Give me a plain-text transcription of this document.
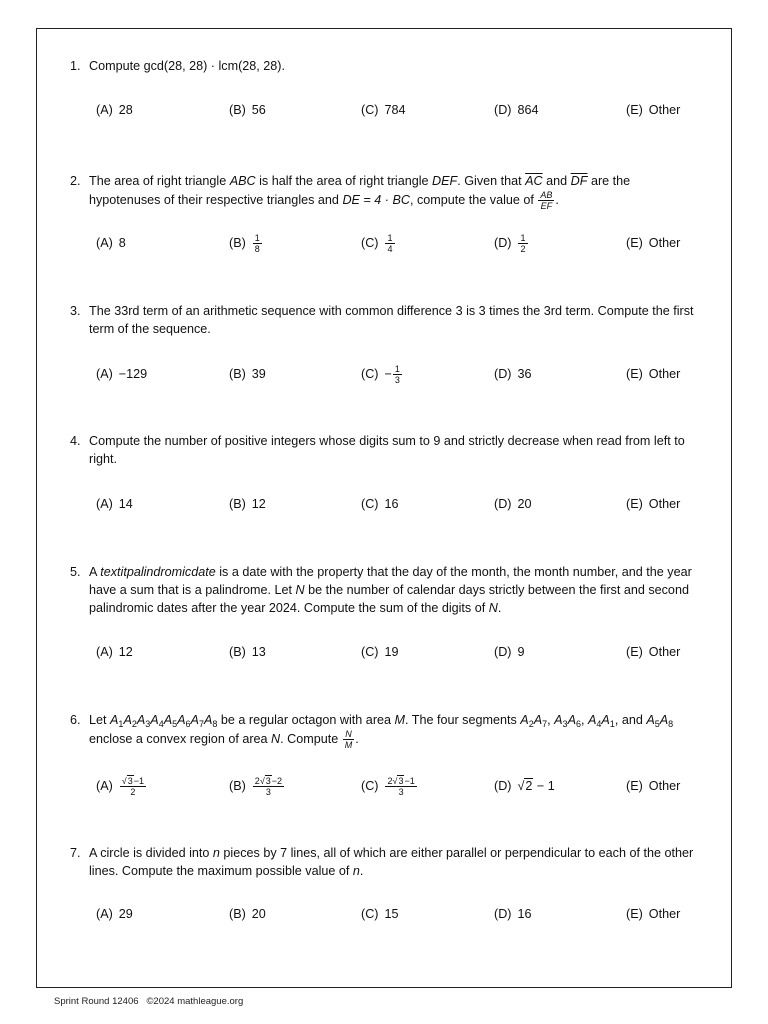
1. Compute gcd(28, 28) · lcm(28, 28).
(A) 28	(B) 56	(C) 784	(D) 864	(E) Other
2. The area of right triangle ABC is half the area of right triangle DEF. Given that $\overline{AC}$ and $\overline{DF}$ are the hypotenuses of their respective triangles and DE = 4 · BC, compute the value of $\frac{AB}{EF}$ .
(A) 8	$(B) \frac{1}{8}$	$(C) \frac{1}{4}$	$(D) \frac{1}{2}$	(E) Other
3. The 33rd term of an arithmetic sequence with common difference 3 is 3 times the 3rd term. Compute the first term of the sequence.
(A) −129	(B) 39	$(C) - \frac{1}{3}$	(D) 36	(E) Other
4. Compute the number of positive integers whose digits sum to 9 and strictly decrease when read from left to right.
(A) 14	(B) 12	(C) 16	(D) 20	(E) Other
5. A textitpalindromicdate is a date with the property that the day of the month, the month number, and the year have a sum that is a palindrome. Let N be the number of calendar days strictly between the first and second palindromic dates after the year 2024. Compute the sum of the digits of N.
(A) 12	(B) 13	(C) 19	(D) 9	(E) Other
6. Let $A_1A_2A_3A_4A_5A_6A_7A_8$ be a regular octagon with area M. The four segments $A_2A_7$, $A_3A_6$, $A_4A_1$, and $A_5A_8$ enclose a convex region of area N. Compute $\frac{N}{M}$ .
$(A) \frac{√3-1}{2}$	$(B) \frac{2√3-2}{3}$	$(C) \frac{2√3-1}{3}$	(D) √2 − 1	(E) Other
7. A circle is divided into n pieces by 7 lines, all of which are either parallel or perpendicular to each of the other lines. Compute the maximum possible value of n.
(A) 29	(B) 20	(C) 15	(D) 16	(E) Other
Sprint Round 12406 ©2024 mathleague.org
